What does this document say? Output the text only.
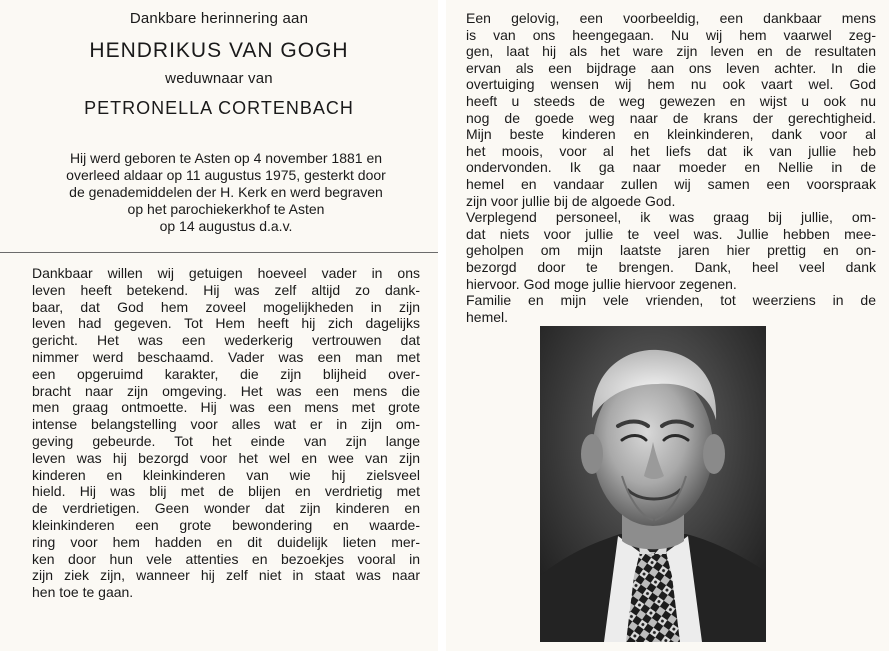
Dankbare herinnering aan
HENDRIKUS VAN GOGH
weduwnaar van
PETRONELLA CORTENBACH
Hij werd geboren te Asten op 4 november 1881 en
overleed aldaar op 11 augustus 1975, gesterkt door
de genademiddelen der H. Kerk en werd begraven
op het parochiekerkhof te Asten
op 14 augustus d.a.v.
Dankbaar willen wij getuigen hoeveel vader in ons
leven heeft betekend. Hij was zelf altijd zo dank-
baar, dat God hem zoveel mogelijkheden in zijn
leven had gegeven. Tot Hem heeft hij zich dagelijks
gericht. Het was een wederkerig vertrouwen dat
nimmer werd beschaamd. Vader was een man met
een opgeruimd karakter, die zijn blijheid over-
bracht naar zijn omgeving. Het was een mens die
men graag ontmoette. Hij was een mens met grote
intense belangstelling voor alles wat er in zijn om-
geving gebeurde. Tot het einde van zijn lange
leven was hij bezorgd voor het wel en wee van zijn
kinderen en kleinkinderen van wie hij zielsveel
hield. Hij was blij met de blijen en verdrietig met
de verdrietigen. Geen wonder dat zijn kinderen en
kleinkinderen een grote bewondering en waarde-
ring voor hem hadden en dit duidelijk lieten mer-
ken door hun vele attenties en bezoekjes vooral in
zijn ziek zijn, wanneer hij zelf niet in staat was naar
hen toe te gaan.
Een gelovig, een voorbeeldig, een dankbaar mens
is van ons heengegaan. Nu wij hem vaarwel zeg-
gen, laat hij als het ware zijn leven en de resultaten
ervan als een bijdrage aan ons leven achter. In die
overtuiging wensen wij hem nu ook vaart wel. God
heeft u steeds de weg gewezen en wijst u ook nu
nog de goede weg naar de krans der gerechtigheid.
Mijn beste kinderen en kleinkinderen, dank voor al
het moois, voor al het liefs dat ik van jullie heb
ondervonden. Ik ga naar moeder en Nellie in de
hemel en vandaar zullen wij samen een voorspraak
zijn voor jullie bij de algoede God.
Verplegend personeel, ik was graag bij jullie, om-
dat niets voor jullie te veel was. Jullie hebben mee-
geholpen om mijn laatste jaren hier prettig en on-
bezorgd door te brengen. Dank, heel veel dank
hiervoor. God moge jullie hiervoor zegenen.
Familie en mijn vele vrienden, tot weerziens in de
hemel.
